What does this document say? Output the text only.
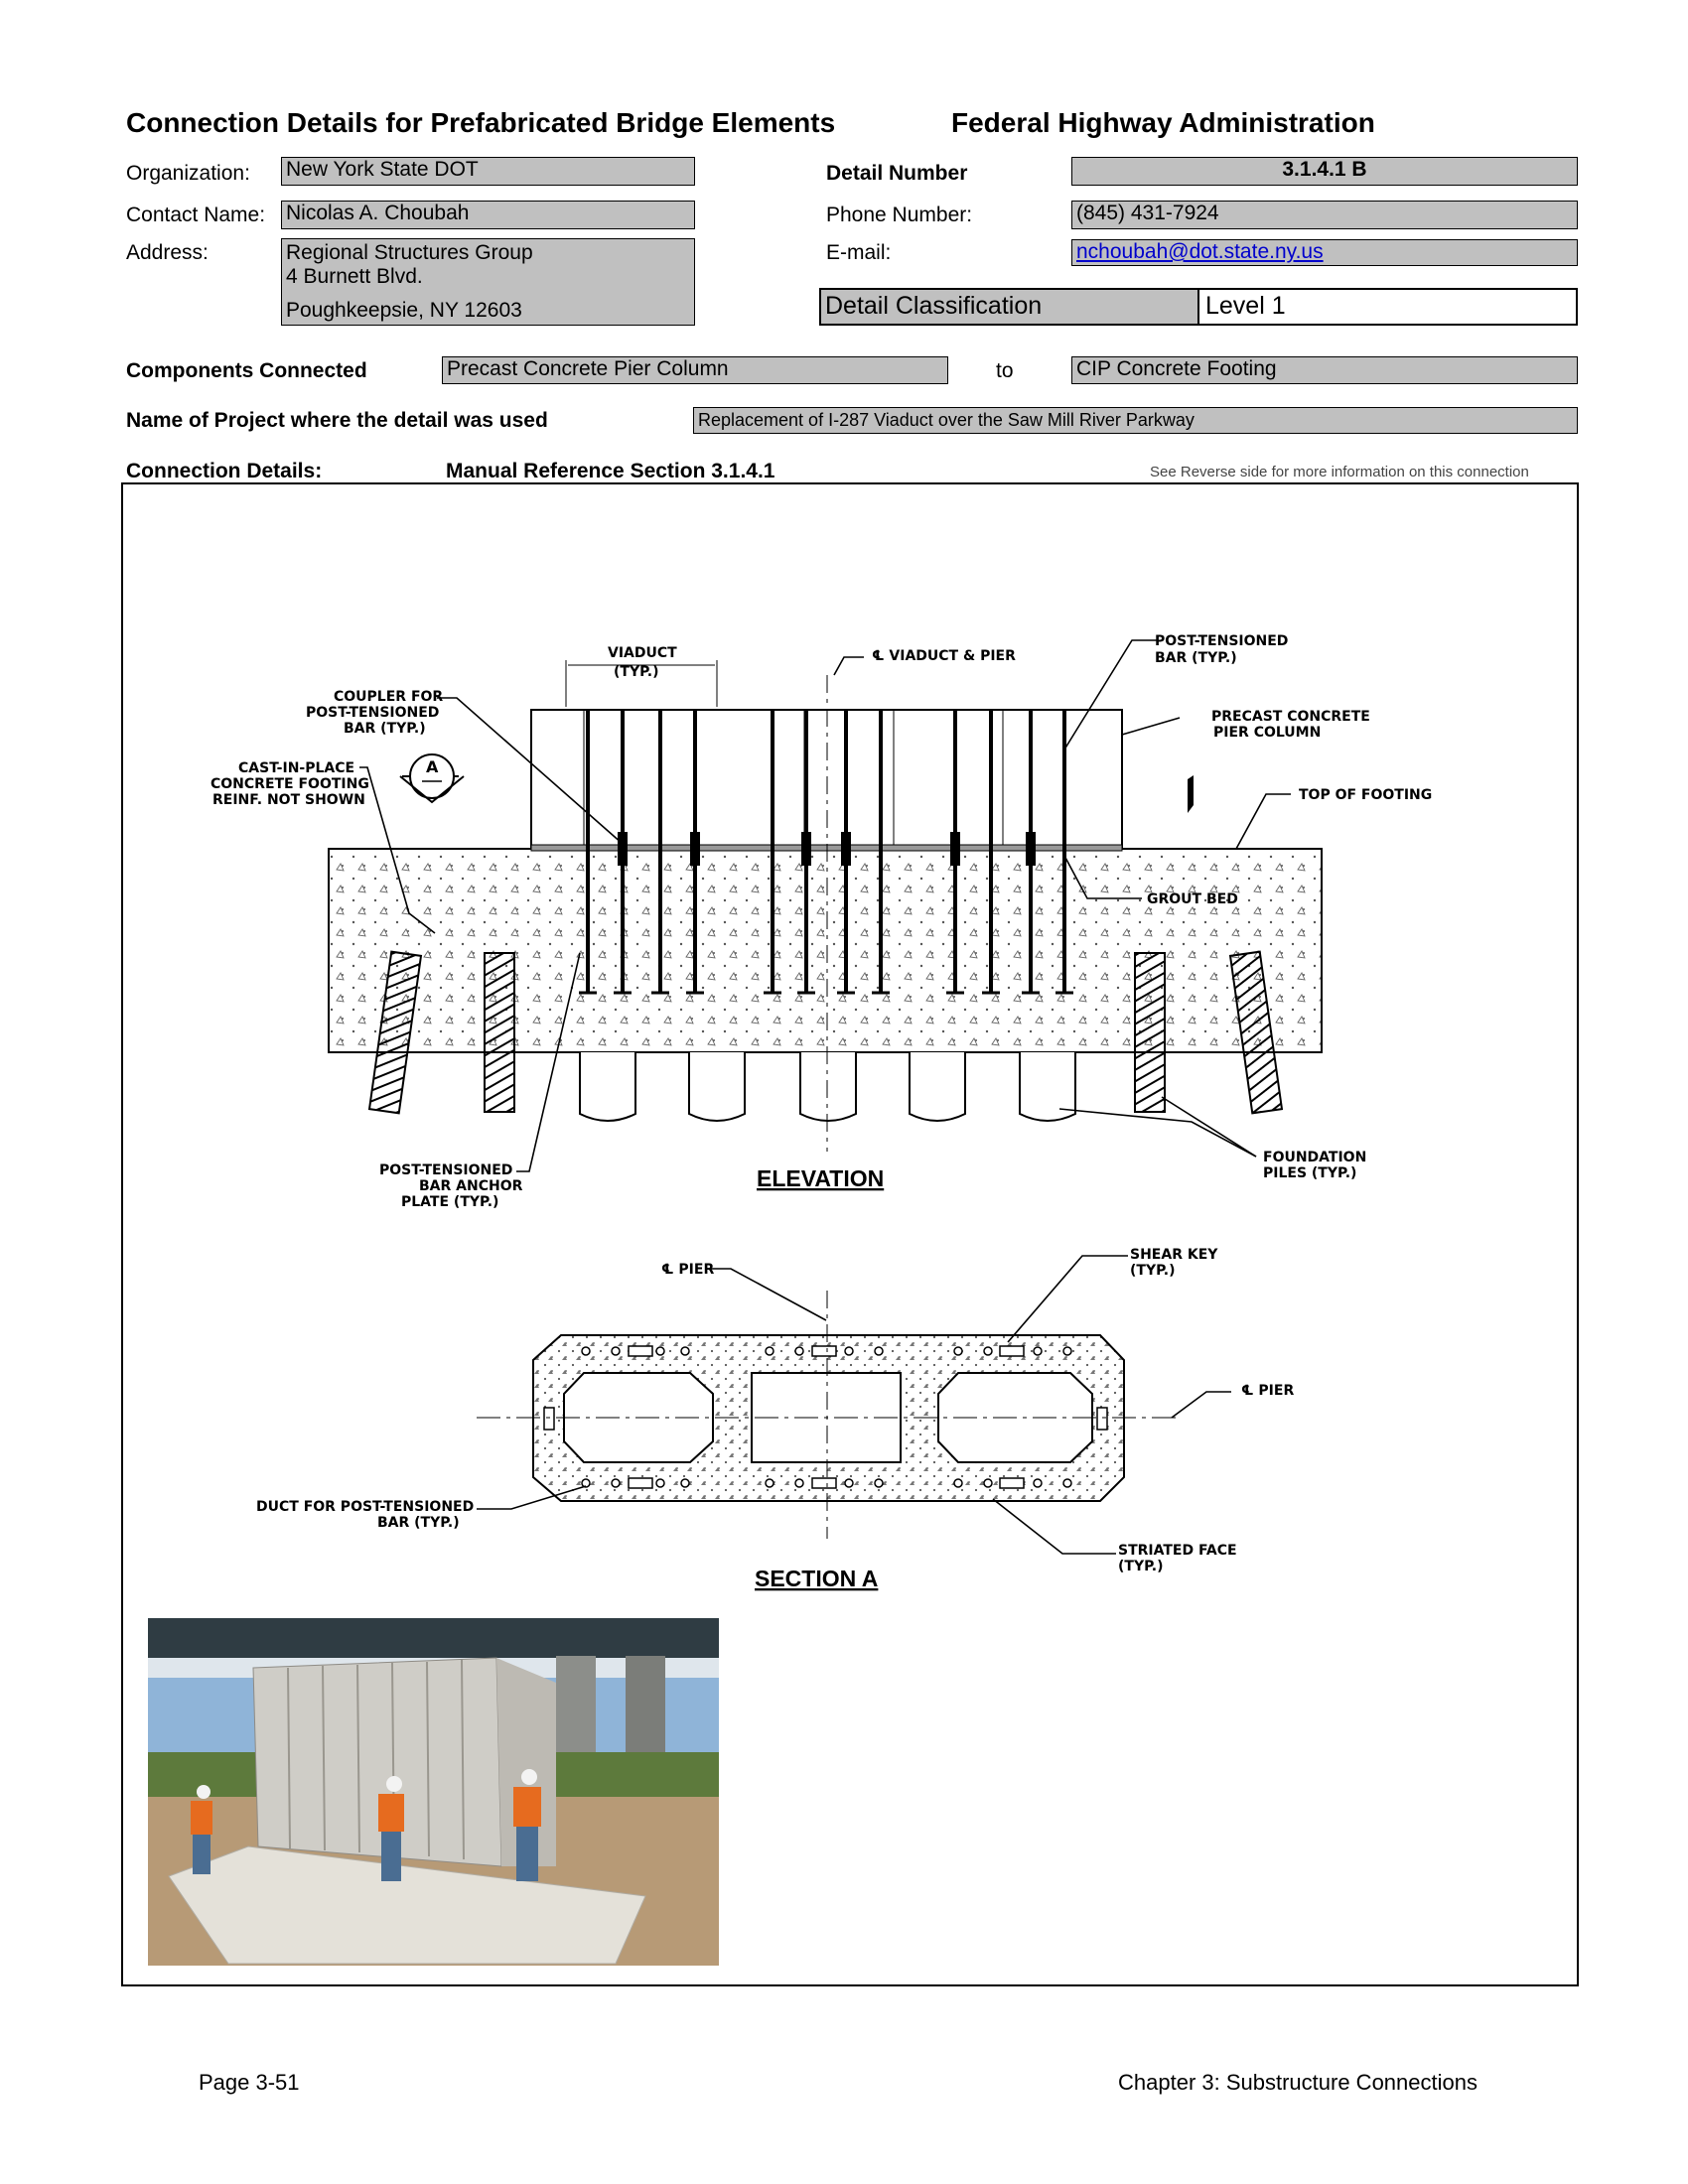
Connection Details for Prefabricated Bridge Elements	Federal Highway Administration
Organization: New York State DOT
Contact Name: Nicolas A. Choubah
Address:	Regional Structures Group
4 Burnett Blvd.
Poughkeepsie, NY 12603
Detail Number	3.1.4.1 B
Phone Number:	(845) 431-7924
E-mail:	nchoubah@dot.state.ny.us
Detail Classification	Level 1
Components Connected	Precast Concrete Pier Column	to	CIP Concrete Footing
Name of Project where the detail was used	Replacement of I-287 Viaduct over the Saw Mill River Parkway
Connection Details:	Manual Reference Section 3.1.4.1	See Reverse side for more information on this connection
A
VIADUCT
(TYP.)
℄ VIADUCT & PIER
POST-TENSIONED
BAR (TYP.)
COUPLER FOR
POST-TENSIONED
BAR (TYP.)
PRECAST CONCRETE
PIER COLUMN
CAST-IN-PLACE
CONCRETE FOOTING
REINF. NOT SHOWN	TOP OF FOOTING
GROUT BED
POST-TENSIONED
BAR ANCHOR
PLATE (TYP.)
FOUNDATION
PILES (TYP.)
ELEVATION
℄ PIER
SHEAR KEY
(TYP.)
℄ PIER
DUCT FOR POST-TENSIONED
BAR (TYP.)
STRIATED FACE
(TYP.)
SECTION A
Page 3-51	Chapter 3: Substructure Connections
